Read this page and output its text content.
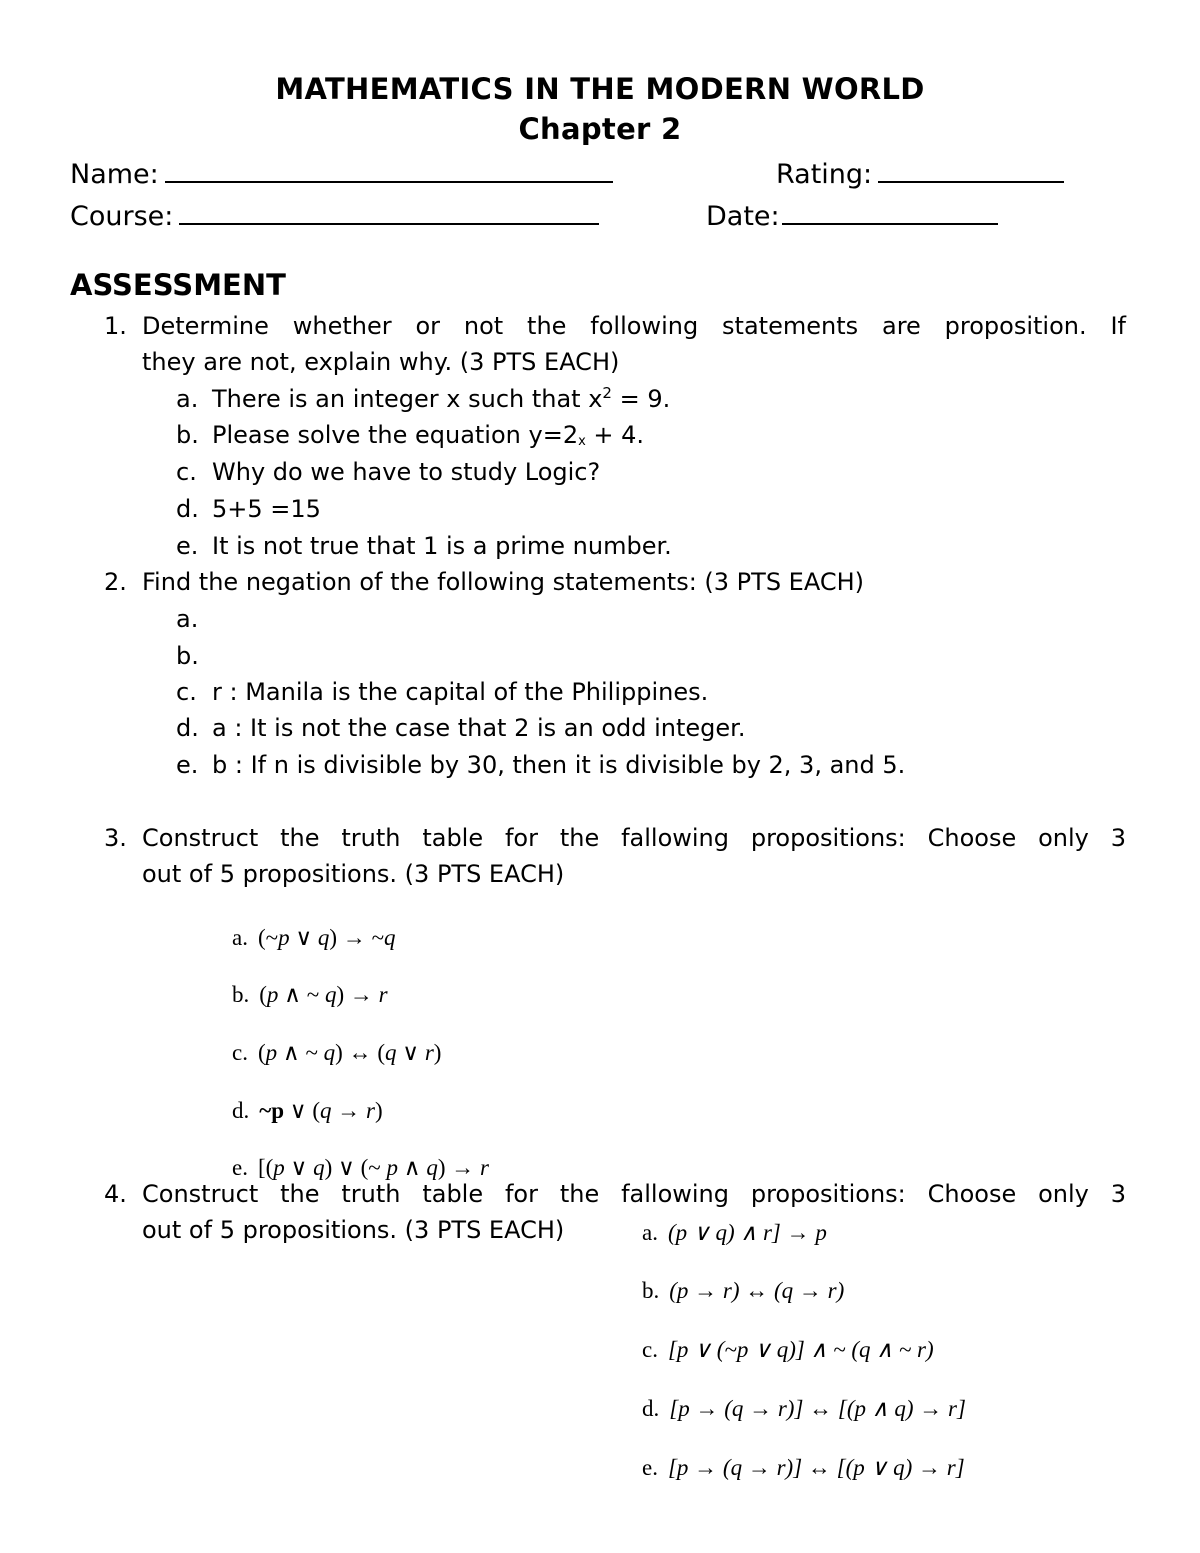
MATHEMATICS IN THE MODERN WORLD
Chapter 2
Name:	Rating:
Course:	Date:
ASSESSMENT
1. Determine whether or not the following statements are proposition. If
they are not, explain why. (3 PTS EACH)
a. There is an integer x such that $x^2 = 9$.
b. Please solve the equation $y=2_x + 4$.
c. Why do we have to study Logic?
d. 5+5 =15
e. It is not true that 1 is a prime number.
2. Find the negation of the following statements: (3 PTS EACH)
a.
b.
c. r : Manila is the capital of the Philippines.
d. a : It is not the case that 2 is an odd integer.
e. b : If n is divisible by 30, then it is divisible by 2, 3, and 5.
3. Construct the truth table for the fallowing propositions: Choose only 3
out of 5 propositions. (3 PTS EACH)
a. (~p ∨ q) → ~q
b. (p ∧ ~ q) → r
c. (p ∧ ~ q) ↔ (q ∨ r)
d. ~p ∨ (q → r)
e. [(p ∨ q) ∨ (~ p ∧ q) → r
4. Construct the truth table for the fallowing propositions: Choose only 3
out of 5 propositions. (3 PTS EACH)	a. (p ∨ q) ∧ r] → p
b. (p → r) ↔ (q → r)
c. [p ∨ (~p ∨ q)] ∧ ~ (q ∧ ~ r)
d. [p → (q → r)] ↔ [(p ∧ q) → r]
e. [p → (q → r)] ↔ [(p ∨ q) → r]
